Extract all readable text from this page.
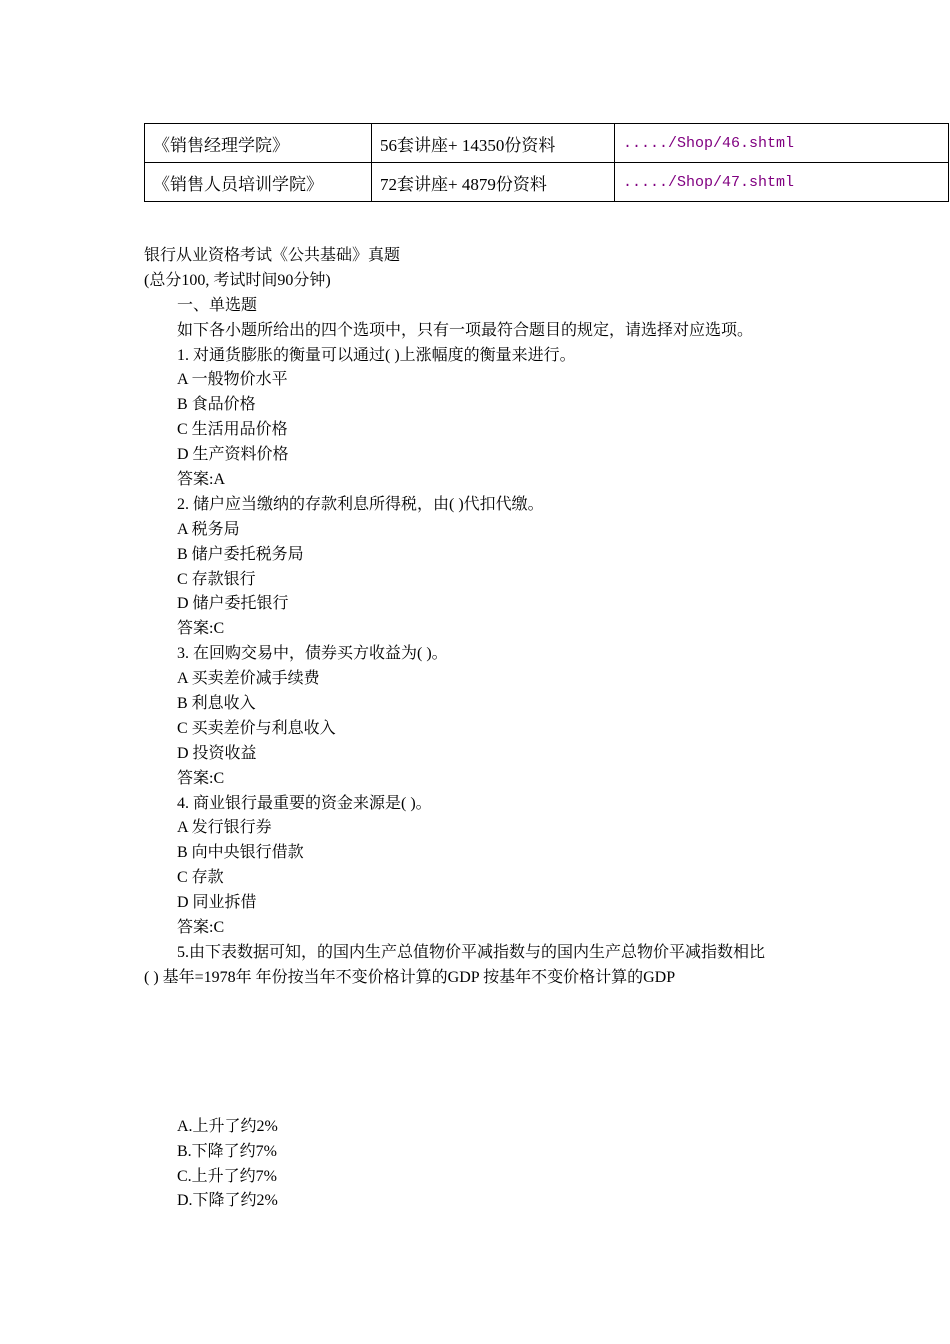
《销售经理学院》	56套讲座+ 14350份资料	...../Shop/46.shtml
《销售人员培训学院》	72套讲座+ 4879份资料	...../Shop/47.shtml
银行从业资格考试《公共基础》真题
(总分100, 考试时间90分钟)
一、单选题
如下各小题所给出的四个选项中，只有一项最符合题目的规定，请选择对应选项。
1. 对通货膨胀的衡量可以通过( )上涨幅度的衡量来进行。
A 一般物价水平
B 食品价格
C 生活用品价格
D 生产资料价格
答案:A
2. 储户应当缴纳的存款利息所得税，由( )代扣代缴。
A 税务局
B 储户委托税务局
C 存款银行
D 储户委托银行
答案:C
3. 在回购交易中，债券买方收益为( )。
A 买卖差价减手续费
B 利息收入
C 买卖差价与利息收入
D 投资收益
答案:C
4. 商业银行最重要的资金来源是( )。
A 发行银行券
B 向中央银行借款
C 存款
D 同业拆借
答案:C
5.由下表数据可知，的国内生产总值物价平减指数与的国内生产总物价平减指数相比
( ) 基年=1978年 年份按当年不变价格计算的GDP 按基年不变价格计算的GDP
A.上升了约2%
B.下降了约7%
C.上升了约7%
D.下降了约2%
